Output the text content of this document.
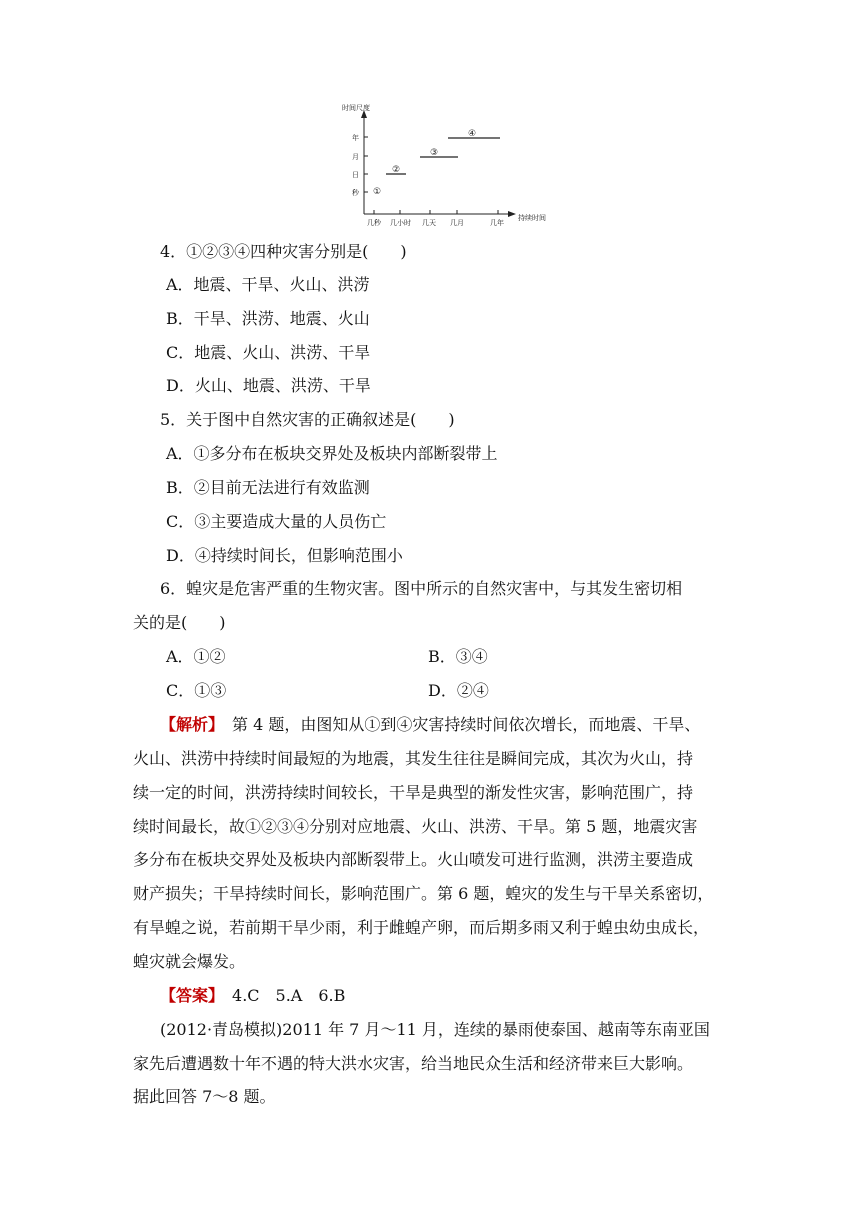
时间尺度
持续时间
年
月
日
秒
几秒 几小时 几天 几月	几年
①
②
③
④
4．①②③④四种灾害分别是(　　)
A．地震、干旱、火山、洪涝
B．干旱、洪涝、地震、火山
C．地震、火山、洪涝、干旱
D．火山、地震、洪涝、干旱
5．关于图中自然灾害的正确叙述是(　　)
A．①多分布在板块交界处及板块内部断裂带上
B．②目前无法进行有效监测
C．③主要造成大量的人员伤亡
D．④持续时间长，但影响范围小
6．蝗灾是危害严重的生物灾害。图中所示的自然灾害中，与其发生密切相
关的是(　　)
A．①②	B．③④
C．①③	D．②④
【解析】　第 4 题，由图知从①到④灾害持续时间依次增长，而地震、干旱、
火山、洪涝中持续时间最短的为地震，其发生往往是瞬间完成，其次为火山，持
续一定的时间，洪涝持续时间较长，干旱是典型的渐发性灾害，影响范围广，持
续时间最长，故①②③④分别对应地震、火山、洪涝、干旱。第 5 题，地震灾害
多分布在板块交界处及板块内部断裂带上。火山喷发可进行监测，洪涝主要造成
财产损失；干旱持续时间长，影响范围广。第 6 题，蝗灾的发生与干旱关系密切，
有旱蝗之说，若前期干旱少雨，利于雌蝗产卵，而后期多雨又利于蝗虫幼虫成长，
蝗灾就会爆发。
【答案】　4.C　5.A　6.B
(2012·青岛模拟)2011 年 7 月～11 月，连续的暴雨使泰国、越南等东南亚国
家先后遭遇数十年不遇的特大洪水灾害，给当地民众生活和经济带来巨大影响。
据此回答 7～8 题。
